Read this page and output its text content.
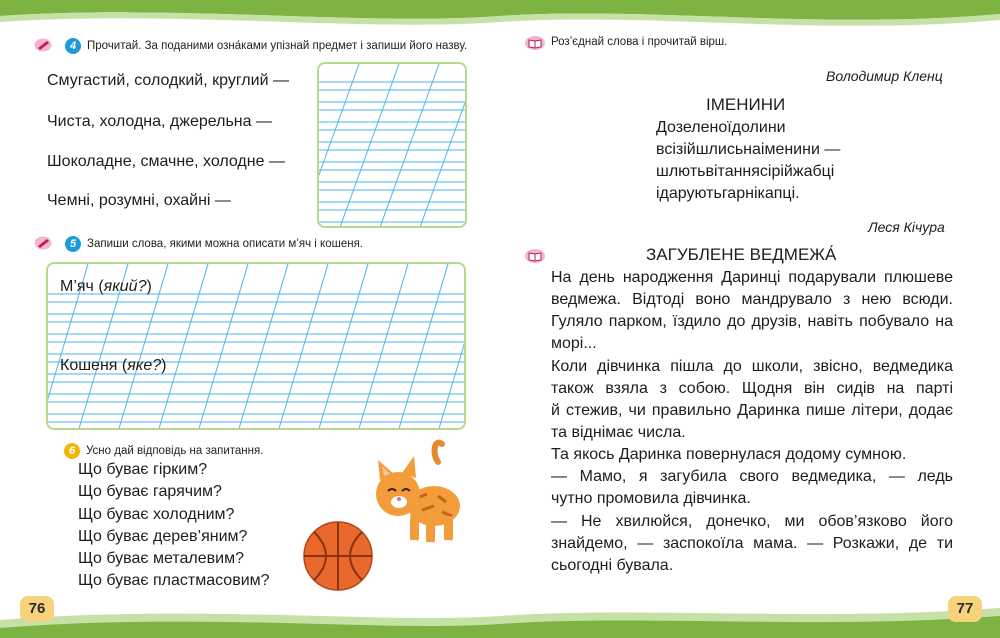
76	77
4 Прочитай. За поданими озна́ками упізнай предмет і запиши його назву.
Смугастий, солодкий, круглий —
Чиста, холодна, джерельна —
Шоколадне, смачне, холодне —
Чемні, розумні, охайні —
5 Запиши слова, якими можна описати м’яч і кошеня.
М’яч (який?)
Кошеня (яке?)
6 Усно дай відповідь на запитання.
Що буває гірким?
Що буває гарячим?
Що буває холодним?
Що буває дерев’яним?
Що буває металевим?
Що буває пластмасовим?
Роз’єднай слова і прочитай вірш.
Володимир Кленц
ІМЕНИНИ
Дозеленоїдолини
всізійшлисьнаіменини —
шлютьвітаннясірійжабці
ідаруютьгарнікапці.
Леся Кічура
ЗАГУБЛЕНЕ ВЕДМЕЖА́
На день народження Даринці подарували плюшеве
ведмежа. Відтоді воно мандрувало з нею всюди.
Гуляло парком, їздило до друзів, навіть побувало на
морі...
Коли дівчинка пішла до школи, звісно, ведмедика
також взяла з собою. Щодня він сидів на парті
й стежив, чи правильно Даринка пише літери, додає
та віднімає числа.
Та якось Даринка повернулася додому сумною.
— Мамо, я загубила свого ведмедика, — ледь
чутно промовила дівчинка.
— Не хвилюйся, донечко, ми обов’язково його
знайдемо, — заспокоїла мама. — Розкажи, де ти
сьогодні бувала.
